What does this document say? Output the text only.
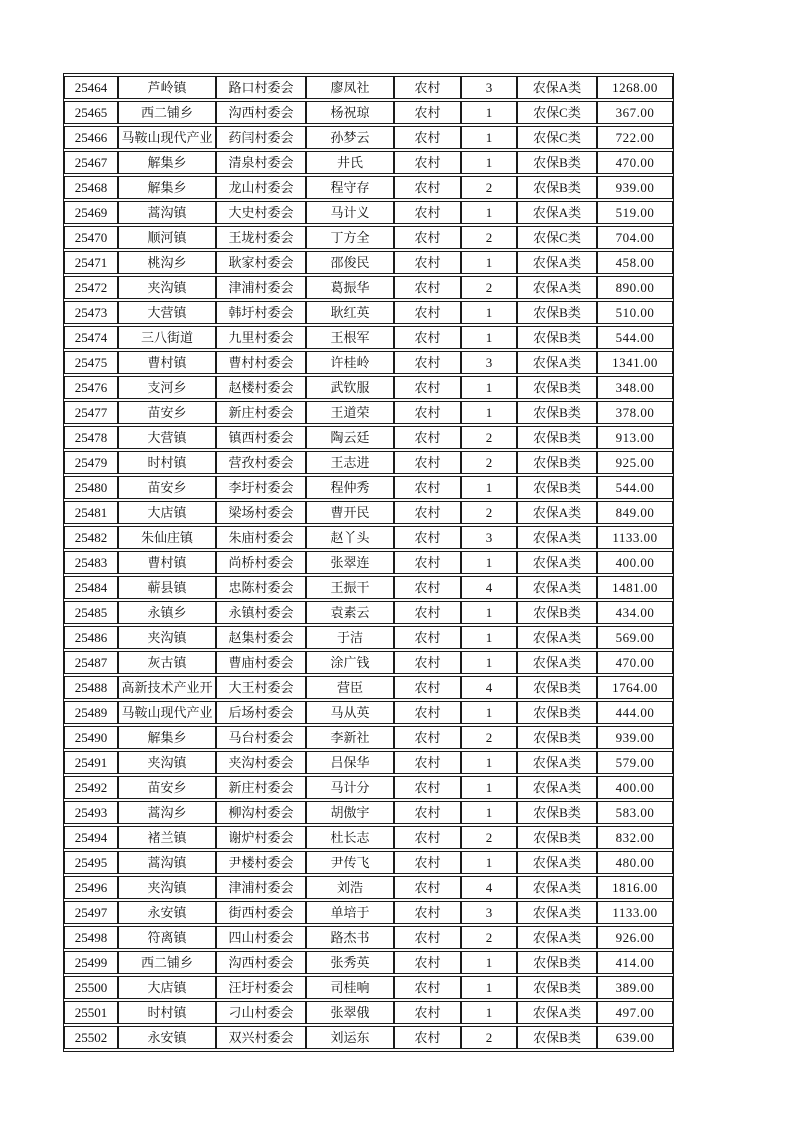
25464	芦岭镇	路口村委会	廖凤社	农村	3	农保A类	1268.00
25465	西二铺乡	沟西村委会	杨祝琼	农村	1	农保C类	367.00
25466	马鞍山现代产业	药闫村委会	孙梦云	农村	1	农保C类	722.00
25467	解集乡	清泉村委会	井氏	农村	1	农保B类	470.00
25468	解集乡	龙山村委会	程守存	农村	2	农保B类	939.00
25469	蒿沟镇	大史村委会	马计义	农村	1	农保A类	519.00
25470	顺河镇	王垅村委会	丁方全	农村	2	农保C类	704.00
25471	桃沟乡	耿家村委会	邵俊民	农村	1	农保A类	458.00
25472	夹沟镇	津浦村委会	葛振华	农村	2	农保A类	890.00
25473	大营镇	韩圩村委会	耿红英	农村	1	农保B类	510.00
25474	三八街道	九里村委会	王根军	农村	1	农保B类	544.00
25475	曹村镇	曹村村委会	许桂岭	农村	3	农保A类	1341.00
25476	支河乡	赵楼村委会	武钦服	农村	1	农保B类	348.00
25477	苗安乡	新庄村委会	王道荣	农村	1	农保B类	378.00
25478	大营镇	镇西村委会	陶云廷	农村	2	农保B类	913.00
25479	时村镇	营孜村委会	王志进	农村	2	农保B类	925.00
25480	苗安乡	李圩村委会	程仲秀	农村	1	农保B类	544.00
25481	大店镇	梁场村委会	曹开民	农村	2	农保A类	849.00
25482	朱仙庄镇	朱庙村委会	赵丫头	农村	3	农保A类	1133.00
25483	曹村镇	尚桥村委会	张翠连	农村	1	农保A类	400.00
25484	蕲县镇	忠陈村委会	王振干	农村	4	农保A类	1481.00
25485	永镇乡	永镇村委会	袁素云	农村	1	农保B类	434.00
25486	夹沟镇	赵集村委会	于洁	农村	1	农保A类	569.00
25487	灰古镇	曹庙村委会	涂广钱	农村	1	农保A类	470.00
25488	高新技术产业开	大王村委会	营臣	农村	4	农保B类	1764.00
25489	马鞍山现代产业	后场村委会	马从英	农村	1	农保B类	444.00
25490	解集乡	马台村委会	李新社	农村	2	农保B类	939.00
25491	夹沟镇	夹沟村委会	吕保华	农村	1	农保A类	579.00
25492	苗安乡	新庄村委会	马计分	农村	1	农保A类	400.00
25493	蒿沟乡	柳沟村委会	胡傲宇	农村	1	农保B类	583.00
25494	褚兰镇	谢炉村委会	杜长志	农村	2	农保B类	832.00
25495	蒿沟镇	尹楼村委会	尹传飞	农村	1	农保A类	480.00
25496	夹沟镇	津浦村委会	刘浩	农村	4	农保A类	1816.00
25497	永安镇	街西村委会	单培于	农村	3	农保A类	1133.00
25498	符离镇	四山村委会	路杰书	农村	2	农保A类	926.00
25499	西二铺乡	沟西村委会	张秀英	农村	1	农保B类	414.00
25500	大店镇	汪圩村委会	司桂响	农村	1	农保B类	389.00
25501	时村镇	刁山村委会	张翠俄	农村	1	农保A类	497.00
25502	永安镇	双兴村委会	刘运东	农村	2	农保B类	639.00
